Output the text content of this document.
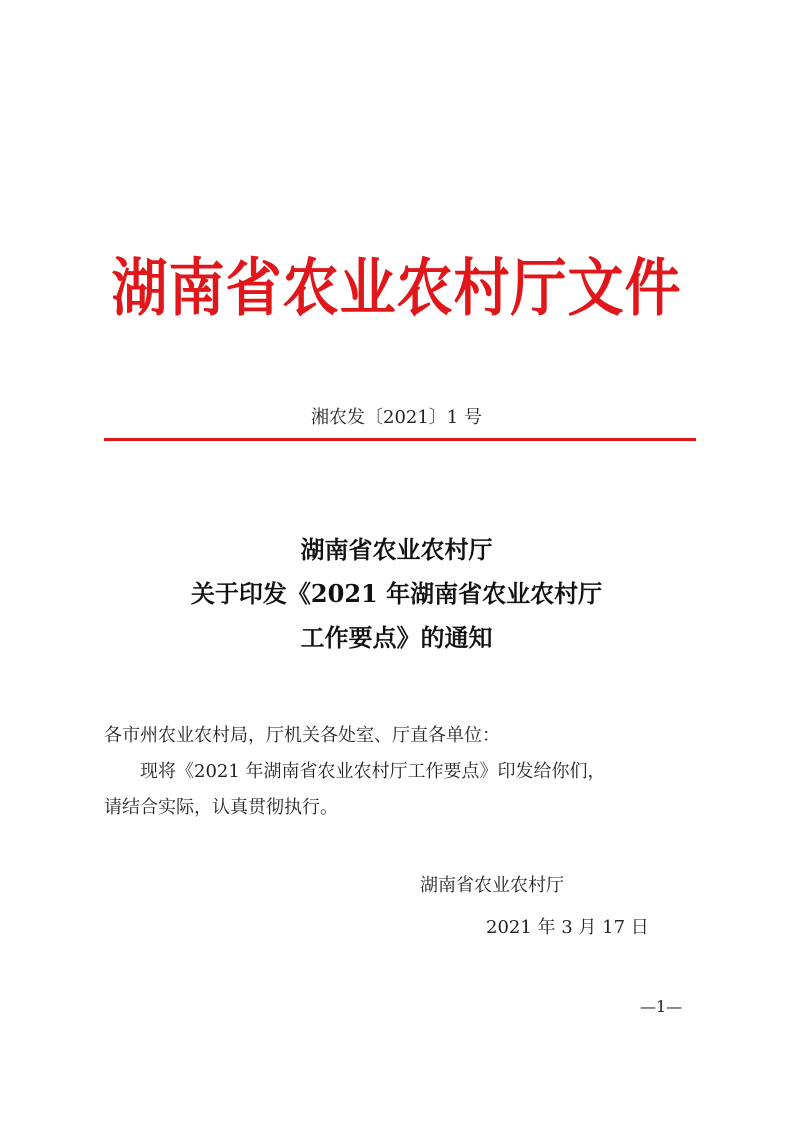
湖南省农业农村厅文件
湘农发〔2021〕1 号
湖南省农业农村厅
关于印发《2021 年湖南省农业农村厅
工作要点》的通知

各市州农业农村局，厅机关各处室、厅直各单位：

现将《2021 年湖南省农业农村厅工作要点》印发给你们，

请结合实际，认真贯彻执行。

湖南省农业农村厅
2021 年 3 月 17 日
—1—
